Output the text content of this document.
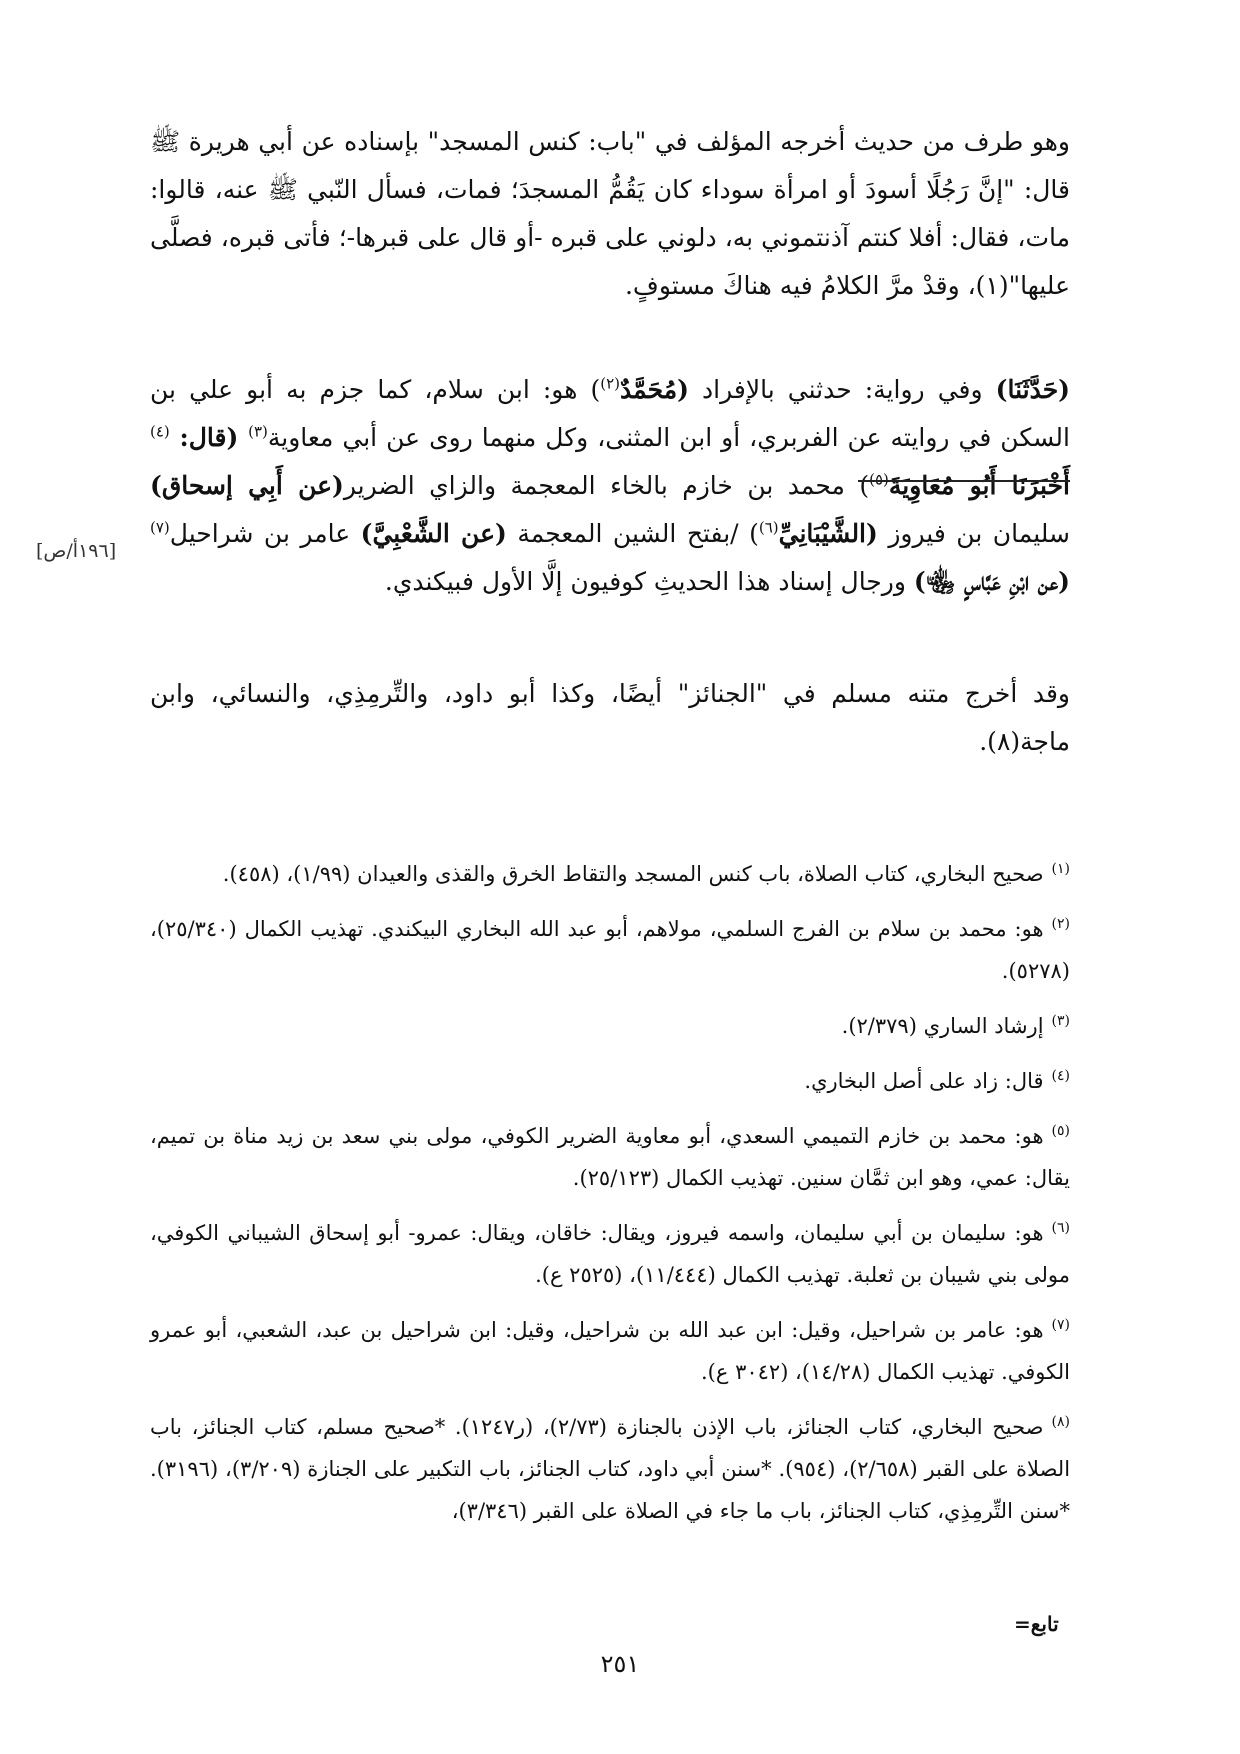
وهو طرف من حديث أخرجه المؤلف في "باب: كنس المسجد" بإسناده عن أبي هريرة ﷺ قال: "إنَّ رَجُلًا أسودَ أو امرأة سوداء كان يَقُمُّ المسجدَ؛ فمات، فسأل النّبي ﷺ عنه، قالوا: مات، فقال: أفلا كنتم آذنتموني به، دلوني على قبره -أو قال على قبرها-؛ فأتى قبره، فصلَّى عليها"(١)، وقدْ مرَّ الكلامُ فيه هناكَ مستوفٍ.

(حَدَّثَنَا) وفي رواية: حدثني بالإفراد (مُحَمَّدٌ$^{(٢)}$) هو: ابن سلام، كما جزم به أبو علي بن السكن في روايته عن الفربري، أو ابن المثنى، وكل منهما روى عن أبي معاوية$^{(٣)}$ (قال: $^{(٤)}$ أَخْبَرَنَا أَبُو مُعَاوِيَةَ$^{(٥)}$) محمد بن خازم بالخاء المعجمة والزاي الضرير(عن أَبِي إسحاق) سليمان بن فيروز (الشَّيْبَانِيِّ$^{(٦)}$) /بفتح الشين المعجمة (عن الشَّعْبِيَّ) عامر بن شراحيل$^{(٧)}$ (عن ابْنِ عَبَّاسٍ ﵄) ورجال إسناد هذا الحديثِ كوفيون إلَّا الأول فبيكندي.

وقد أخرج متنه مسلم في "الجنائز" أيضًا، وكذا أبو داود، والتِّرمِذِي، والنسائي، وابن ماجة(٨).

[١٩٦أ/ص]

$^{(١)}$صحيح البخاري، كتاب الصلاة، باب كنس المسجد والتقاط الخرق والقذى والعيدان (١/٩٩)، (٤٥٨).

$^{(٢)}$هو: محمد بن سلام بن الفرج السلمي، مولاهم، أبو عبد الله البخاري البيكندي. تهذيب الكمال (٢٥/٣٤٠)، (٥٢٧٨).

$^{(٣)}$إرشاد الساري (٢/٣٧٩).

$^{(٤)}$قال: زاد على أصل البخاري.

$^{(٥)}$هو: محمد بن خازم التميمي السعدي، أبو معاوية الضرير الكوفي، مولى بني سعد بن زيد مناة بن تميم، يقال: عمي، وهو ابن ثمَّان سنين. تهذيب الكمال (٢٥/١٢٣).

$^{(٦)}$هو: سليمان بن أبي سليمان، واسمه فيروز، ويقال: خاقان، ويقال: عمرو- أبو إسحاق الشيباني الكوفي، مولى بني شيبان بن ثعلبة. تهذيب الكمال (١١/٤٤٤)، (٢٥٢٥ ع).

$^{(٧)}$هو: عامر بن شراحيل، وقيل: ابن عبد الله بن شراحيل، وقيل: ابن شراحيل بن عبد، الشعبي، أبو عمرو الكوفي. تهذيب الكمال (١٤/٢٨)، (٣٠٤٢ ع).

$^{(٨)}$صحيح البخاري، كتاب الجنائز، باب الإذن بالجنازة (٢/٧٣)، (ر١٢٤٧). *صحيح مسلم، كتاب الجنائز، باب الصلاة على القبر (٢/٦٥٨)، (٩٥٤). *سنن أبي داود، كتاب الجنائز، باب التكبير على الجنازة (٣/٢٠٩)، (٣١٩٦). *سنن التِّرمِذِي، كتاب الجنائز، باب ما جاء في الصلاة على القبر (٣/٣٤٦)،

تابع=
٢٥١
